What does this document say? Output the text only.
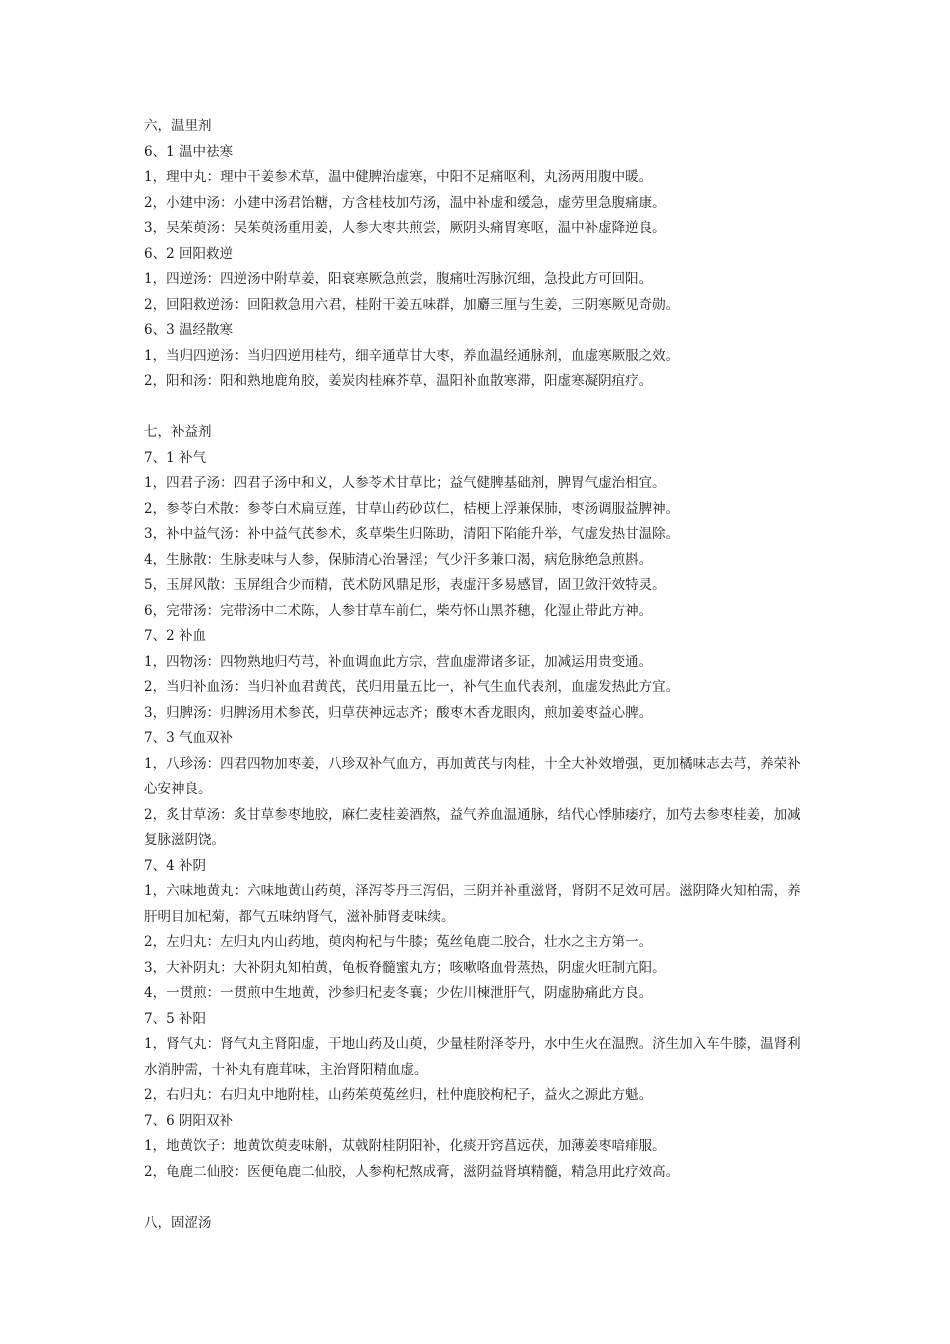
六，温里剂
6、1 温中祛寒
1，理中丸：理中干姜参术草，温中健脾治虚寒，中阳不足痛呕利，丸汤两用腹中暖。
2，小建中汤：小建中汤君饴糖，方含桂枝加芍汤，温中补虚和缓急，虚劳里急腹痛康。
3，吴茱萸汤：吴茱萸汤重用姜，人参大枣共煎尝，厥阴头痛胃寒呕，温中补虚降逆良。
6、2 回阳救逆
1，四逆汤：四逆汤中附草姜，阳衰寒厥急煎尝，腹痛吐泻脉沉细，急投此方可回阳。
2，回阳救逆汤：回阳救急用六君，桂附干姜五味群，加麝三厘与生姜，三阴寒厥见奇勋。
6、3 温经散寒
1，当归四逆汤：当归四逆用桂芍，细辛通草甘大枣，养血温经通脉剂，血虚寒厥服之效。
2，阳和汤：阳和熟地鹿角胶，姜炭肉桂麻芥草，温阳补血散寒滞，阳虚寒凝阴疽疗。
七，补益剂
7、1 补气
1，四君子汤：四君子汤中和义，人参苓术甘草比；益气健脾基础剂，脾胃气虚治相宜。
2，参苓白术散：参苓白术扁豆莲，甘草山药砂苡仁，桔梗上浮兼保肺，枣汤调服益脾神。
3，补中益气汤：补中益气芪参术，炙草柴生归陈助，清阳下陷能升举，气虚发热甘温除。
4，生脉散：生脉麦味与人参，保肺清心治暑淫；气少汗多兼口渴，病危脉绝急煎斟。
5，玉屏风散：玉屏组合少而精，芪术防风鼎足形，表虚汗多易感冒，固卫敛汗效特灵。
6，完带汤：完带汤中二术陈，人参甘草车前仁，柴芍怀山黑芥穗，化湿止带此方神。
7、2 补血
1，四物汤：四物熟地归芍芎，补血调血此方宗，营血虚滞诸多证，加减运用贵变通。
2，当归补血汤：当归补血君黄芪，芪归用量五比一，补气生血代表剂，血虚发热此方宜。
3，归脾汤：归脾汤用术参芪，归草茯神远志齐；酸枣木香龙眼肉，煎加姜枣益心脾。
7、3 气血双补
1，八珍汤：四君四物加枣姜，八珍双补气血方，再加黄芪与肉桂，十全大补效增强，更加橘味志去芎，养荣补心安神良。
2，炙甘草汤：炙甘草参枣地胶，麻仁麦桂姜酒熬，益气养血温通脉，结代心悸肺痿疗，加芍去参枣桂姜，加减复脉滋阴饶。
7、4 补阴
1，六味地黄丸：六味地黄山药萸，泽泻苓丹三泻侣，三阴并补重滋肾，肾阴不足效可居。滋阴降火知柏需，养肝明目加杞菊，都气五味纳肾气，滋补肺肾麦味续。
2，左归丸：左归丸内山药地，萸肉枸杞与牛膝；菟丝龟鹿二胶合，壮水之主方第一。
3，大补阴丸：大补阴丸知柏黄，龟板脊髓蜜丸方；咳嗽咯血骨蒸热，阴虚火旺制亢阳。
4，一贯煎：一贯煎中生地黄，沙参归杞麦冬襄；少佐川楝泄肝气，阴虚胁痛此方良。
7、5 补阳
1，肾气丸：肾气丸主肾阳虚，干地山药及山萸，少量桂附泽苓丹，水中生火在温煦。济生加入车牛膝，温肾利水消肿需，十补丸有鹿茸味，主治肾阳精血虚。
2，右归丸：右归丸中地附桂，山药茱萸菟丝归，杜仲鹿胶枸杞子，益火之源此方魁。
7、6 阴阳双补
1，地黄饮子：地黄饮萸麦味斛，苁戟附桂阴阳补，化痰开窍菖远茯，加薄姜枣喑痱服。
2，龟鹿二仙胶：医便龟鹿二仙胶，人参枸杞熬成膏，滋阴益肾填精髓，精急用此疗效高。
八，固涩汤
